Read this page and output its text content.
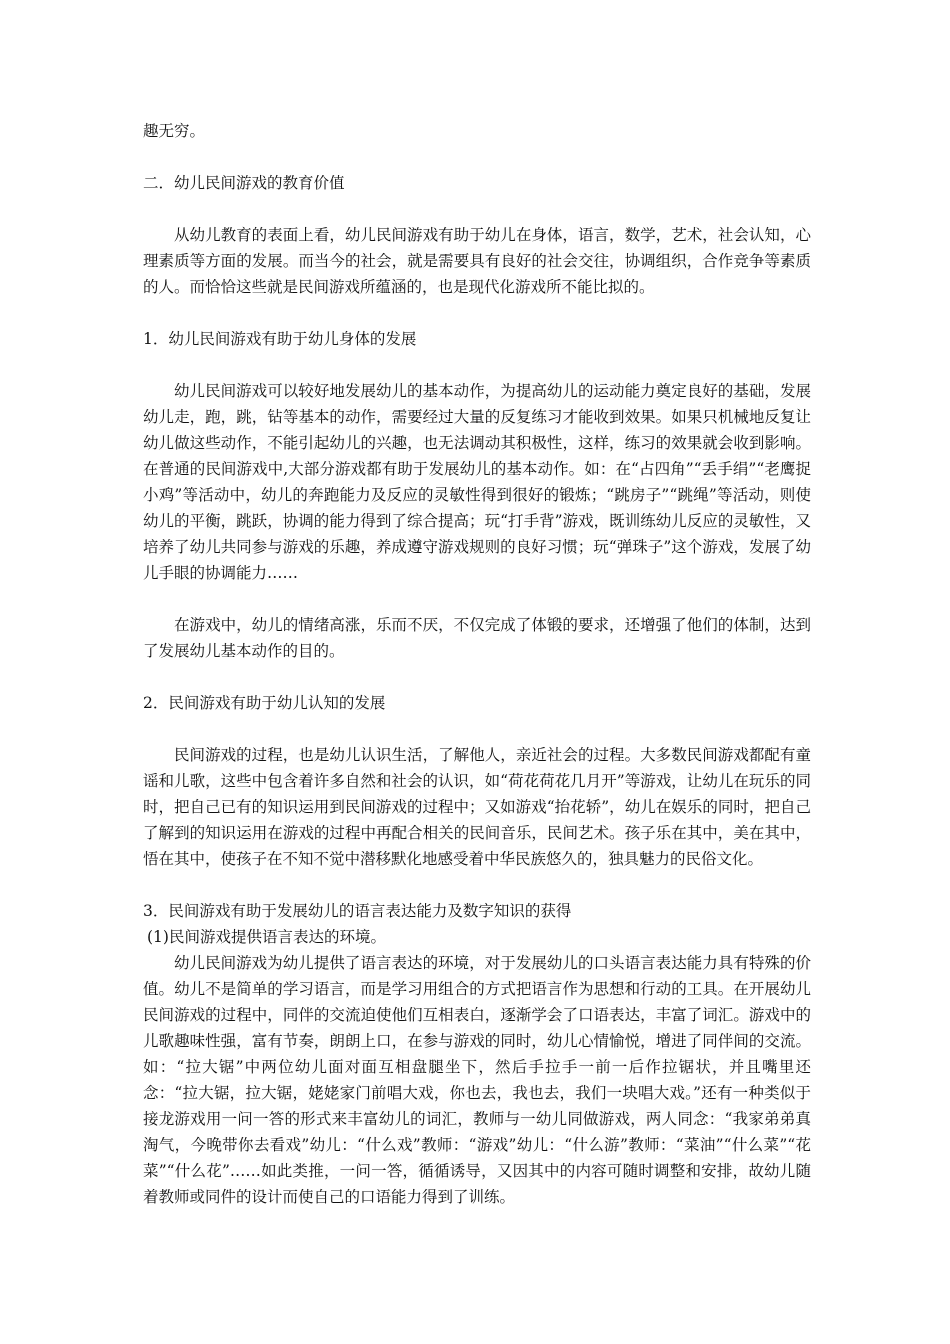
趣无穷。

二．幼儿民间游戏的教育价值

从幼儿教育的表面上看，幼儿民间游戏有助于幼儿在身体，语言，数学，艺术，社会认知，心理素质等方面的发展。而当今的社会，就是需要具有良好的社会交往，协调组织，合作竞争等素质的人。而恰恰这些就是民间游戏所蕴涵的，也是现代化游戏所不能比拟的。

1．幼儿民间游戏有助于幼儿身体的发展

幼儿民间游戏可以较好地发展幼儿的基本动作，为提高幼儿的运动能力奠定良好的基础，发展幼儿走，跑，跳，钻等基本的动作，需要经过大量的反复练习才能收到效果。如果只机械地反复让幼儿做这些动作，不能引起幼儿的兴趣，也无法调动其积极性，这样，练习的效果就会收到影响。在普通的民间游戏中,大部分游戏都有助于发展幼儿的基本动作。如：在“占四角”“丢手绢”“老鹰捉小鸡”等活动中，幼儿的奔跑能力及反应的灵敏性得到很好的锻炼；“跳房子”“跳绳”等活动，则使幼儿的平衡，跳跃，协调的能力得到了综合提高；玩“打手背”游戏，既训练幼儿反应的灵敏性，又培养了幼儿共同参与游戏的乐趣，养成遵守游戏规则的良好习惯；玩“弹珠子”这个游戏，发展了幼儿手眼的协调能力……

在游戏中，幼儿的情绪高涨，乐而不厌，不仅完成了体锻的要求，还增强了他们的体制，达到了发展幼儿基本动作的目的。

2．民间游戏有助于幼儿认知的发展

民间游戏的过程，也是幼儿认识生活，了解他人，亲近社会的过程。大多数民间游戏都配有童谣和儿歌，这些中包含着许多自然和社会的认识，如“荷花荷花几月开”等游戏，让幼儿在玩乐的同时，把自己已有的知识运用到民间游戏的过程中；又如游戏“抬花轿”，幼儿在娱乐的同时，把自己了解到的知识运用在游戏的过程中再配合相关的民间音乐，民间艺术。孩子乐在其中，美在其中，悟在其中，使孩子在不知不觉中潜移默化地感受着中华民族悠久的，独具魅力的民俗文化。

3．民间游戏有助于发展幼儿的语言表达能力及数字知识的获得

(1)民间游戏提供语言表达的环境。

幼儿民间游戏为幼儿提供了语言表达的环境，对于发展幼儿的口头语言表达能力具有特殊的价值。幼儿不是简单的学习语言，而是学习用组合的方式把语言作为思想和行动的工具。在开展幼儿民间游戏的过程中，同伴的交流迫使他们互相表白，逐渐学会了口语表达，丰富了词汇。游戏中的儿歌趣味性强，富有节奏，朗朗上口，在参与游戏的同时，幼儿心情愉悦，增进了同伴间的交流。如：“拉大锯”中两位幼儿面对面互相盘腿坐下，然后手拉手一前一后作拉锯状，并且嘴里还念：“拉大锯，拉大锯，姥姥家门前唱大戏，你也去，我也去，我们一块唱大戏。”还有一种类似于接龙游戏用一问一答的形式来丰富幼儿的词汇，教师与一幼儿同做游戏，两人同念：“我家弟弟真淘气，今晚带你去看戏”幼儿：“什么戏”教师：“游戏”幼儿：“什么游”教师：“菜油”“什么菜”“花菜”“什么花”……如此类推，一问一答，循循诱导，又因其中的内容可随时调整和安排，故幼儿随着教师或同件的设计而使自己的口语能力得到了训练。
